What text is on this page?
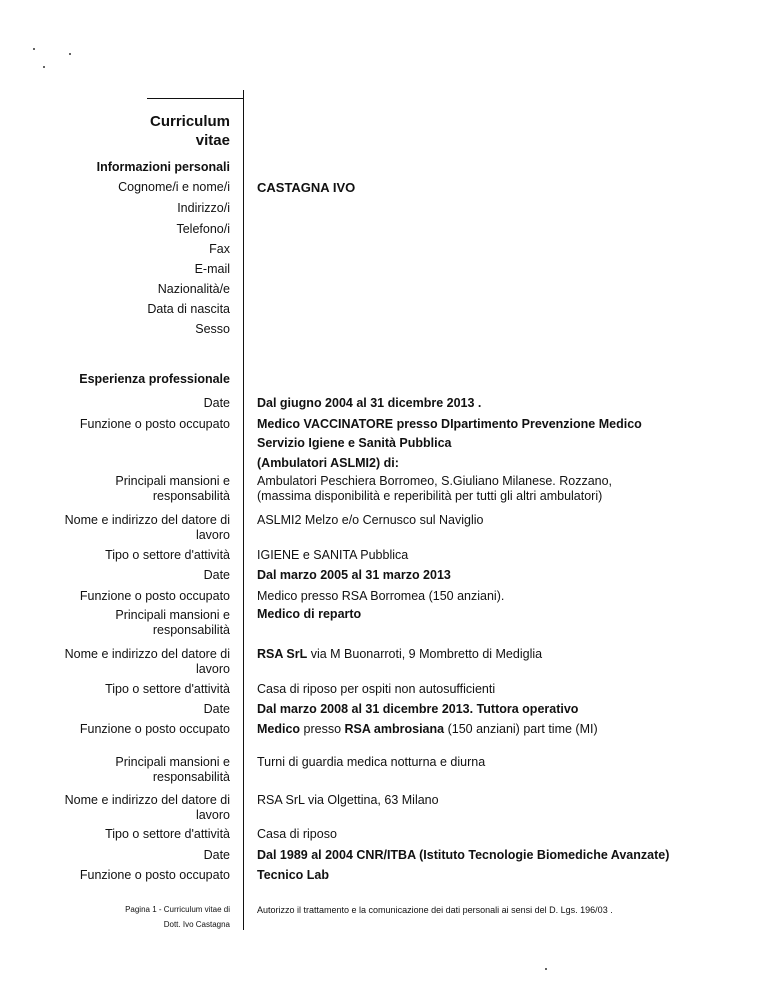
Curriculum
vitae
Informazioni personali
Cognome/i e nome/i CASTAGNA IVO
Indirizzo/i
Telefono/i
Fax
E-mail
Nazionalità/e
Data di nascita
Sesso
Esperienza professionale
Date Dal giugno 2004 al 31 dicembre 2013 .
Funzione o posto occupato Medico VACCINATORE presso DIpartimento Prevenzione Medico
Servizio Igiene e Sanità Pubblica
(Ambulatori ASLMI2) di:
Principali mansioni e
responsabilità
Ambulatori Peschiera Borromeo, S.Giuliano Milanese. Rozzano,
(massima disponibilità e reperibilità per tutti gli altri ambulatori)
Nome e indirizzo del datore di
lavoro
ASLMI2 Melzo e/o Cernusco sul Naviglio
Tipo o settore d'attività IGIENE e SANITA Pubblica
Date Dal marzo 2005 al 31 marzo 2013
Funzione o posto occupato Medico presso RSA Borromea (150 anziani).
Principali mansioni e
responsabilità
Medico di reparto
Nome e indirizzo del datore di
lavoro
RSA SrL via M Buonarroti, 9 Mombretto di Mediglia
Tipo o settore d'attività Casa di riposo per ospiti non autosufficienti
Date Dal marzo 2008 al 31 dicembre 2013. Tuttora operativo
Funzione o posto occupato Medico presso RSA ambrosiana (150 anziani) part time (MI)
Principali mansioni e
responsabilità
Turni di guardia medica notturna e diurna
Nome e indirizzo del datore di
lavoro
RSA SrL via Olgettina, 63 Milano
Tipo o settore d'attività Casa di riposo
Date Dal 1989 al 2004 CNR/ITBA (Istituto Tecnologie Biomediche Avanzate)
Funzione o posto occupato Tecnico Lab
Pagina 1 - Curriculum vitae di
Dott. Ivo Castagna
Autorizzo il trattamento e la comunicazione dei dati personali ai sensi del D. Lgs. 196/03 .
